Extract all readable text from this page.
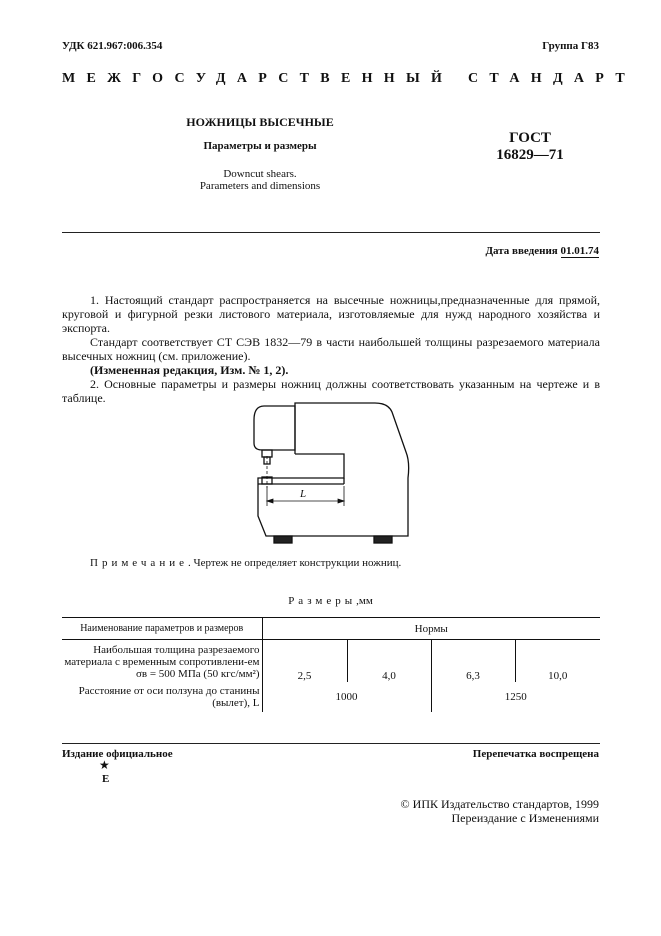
УДК 621.967:006.354	Группа Г83
МЕЖГОСУДАРСТВЕННЫЙ СТАНДАРТ
НОЖНИЦЫ ВЫСЕЧНЫЕ
Параметры и размеры
Downcut shears.
Parameters and dimensions
ГОСТ
16829—71
Дата введения 01.01.74

1. Настоящий стандарт распространяется на высечные ножницы,предназначенные для прямой, круговой и фигурной резки листового материала, изготовляемые для нужд народного хозяйства и экспорта.

Стандарт соответствует СТ СЭВ 1832—79 в части наибольшей толщины разрезаемого материала высечных ножниц (см. приложение).

(Измененная редакция, Изм. № 1, 2).

2. Основные параметры и размеры ножниц должны соответствовать указанным на чертеже и в таблице.

L
Примечание. Чертеж не определяет конструкции ножниц.
Размеры,мм
Наименование параметров и размеров	Нормы			
Наибольшая толщина разрезаемого материала с временным сопротивлени-ем σв = 500 МПа (50 кгс/мм²)	2,5	4,0	6,3	10,0
Расстояние от оси ползуна до станины (вылет), L	1000		1250	
Издание официальное	Перепечатка воспрещена
★
E
© ИПК Издательство стандартов, 1999
Переиздание с Изменениями
